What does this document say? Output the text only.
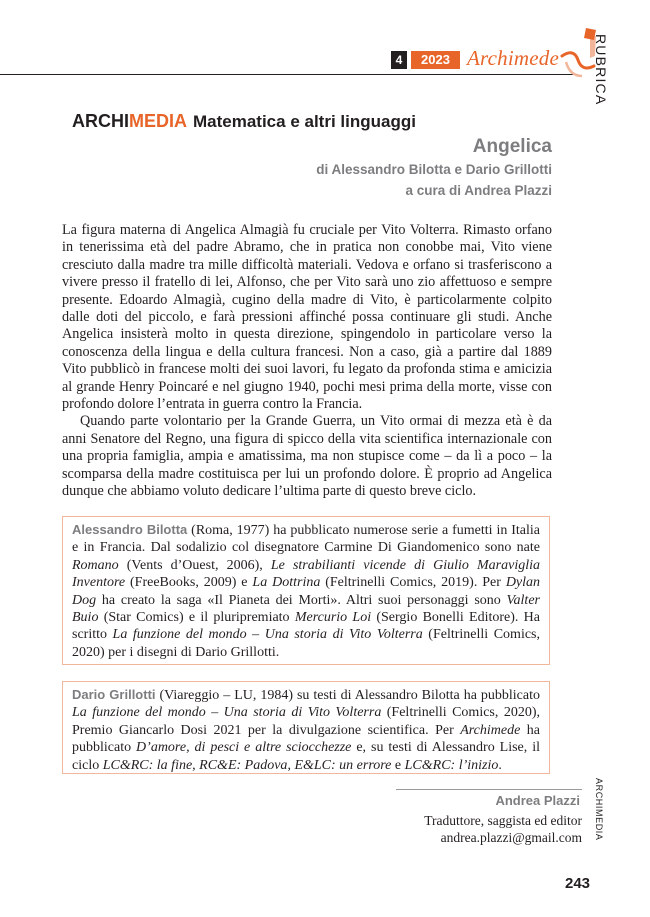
4	2023 Archimede RUBRICA
ARCHIMEDIA Matematica e altri linguaggi
Angelica
di Alessandro Bilotta e Dario Grillotti
a cura di Andrea Plazzi

La figura materna di Angelica Almagià fu cruciale per Vito Volterra. Rimasto orfano in tenerissima età del padre Abramo, che in pratica non conobbe mai, Vito viene cresciuto dalla madre tra mille difficoltà materiali. Vedova e orfano si trasferiscono a vivere presso il fratello di lei, Alfonso, che per Vito sarà uno zio affettuoso e sempre presente. Edoardo Almagià, cugino della madre di Vito, è particolarmente colpito dalle doti del piccolo, e farà pressioni affinché possa continuare gli studi. Anche Angelica insisterà molto in questa direzione, spingendolo in particolare verso la conoscenza della lingua e della cultura francesi. Non a caso, già a partire dal 1889 Vito pubblicò in francese molti dei suoi lavori, fu legato da profonda stima e amicizia al grande Henry Poincaré e nel giugno 1940, pochi mesi prima della morte, visse con profondo dolore l’entrata in guerra contro la Francia.

Quando parte volontario per la Grande Guerra, un Vito ormai di mezza età è da anni Senatore del Regno, una figura di spicco della vita scientifica internazionale con una propria famiglia, ampia e amatissima, ma non stupisce come – da lì a poco – la scomparsa della madre costituisca per lui un profondo dolore. È proprio ad Angelica dunque che abbiamo voluto dedicare l’ultima parte di questo breve ciclo.

Alessandro Bilotta (Roma, 1977) ha pubblicato numerose serie a fumetti in Italia e in Francia. Dal sodalizio col disegnatore Carmine Di Giandomenico sono nate Romano (Vents d’Ouest, 2006), Le strabilianti vicende di Giulio Maraviglia Inventore (FreeBooks, 2009) e La Dottrina (Feltrinelli Comics, 2019). Per Dylan Dog ha creato la saga «Il Pianeta dei Morti». Altri suoi personaggi sono Valter Buio (Star Comics) e il pluripremiato Mercurio Loi (Sergio Bonelli Editore). Ha scritto La funzione del mondo – Una storia di Vito Volterra (Feltrinelli Comics, 2020) per i disegni di Dario Grillotti.
Dario Grillotti (Viareggio – LU, 1984) su testi di Alessandro Bilotta ha pubblicato La funzione del mondo – Una storia di Vito Volterra (Feltrinelli Comics, 2020), Premio Giancarlo Dosi 2021 per la divulgazione scientifica. Per Archimede ha pubblicato D’amore, di pesci e altre sciocchezze e, su testi di Alessandro Lise, il ciclo LC&RC: la fine, RC&E: Padova, E&LC: un errore e LC&RC: l’inizio.
Andrea Plazzi
Traduttore, saggista ed editor
andrea.plazzi@gmail.com ARCHIMEDIA
243
